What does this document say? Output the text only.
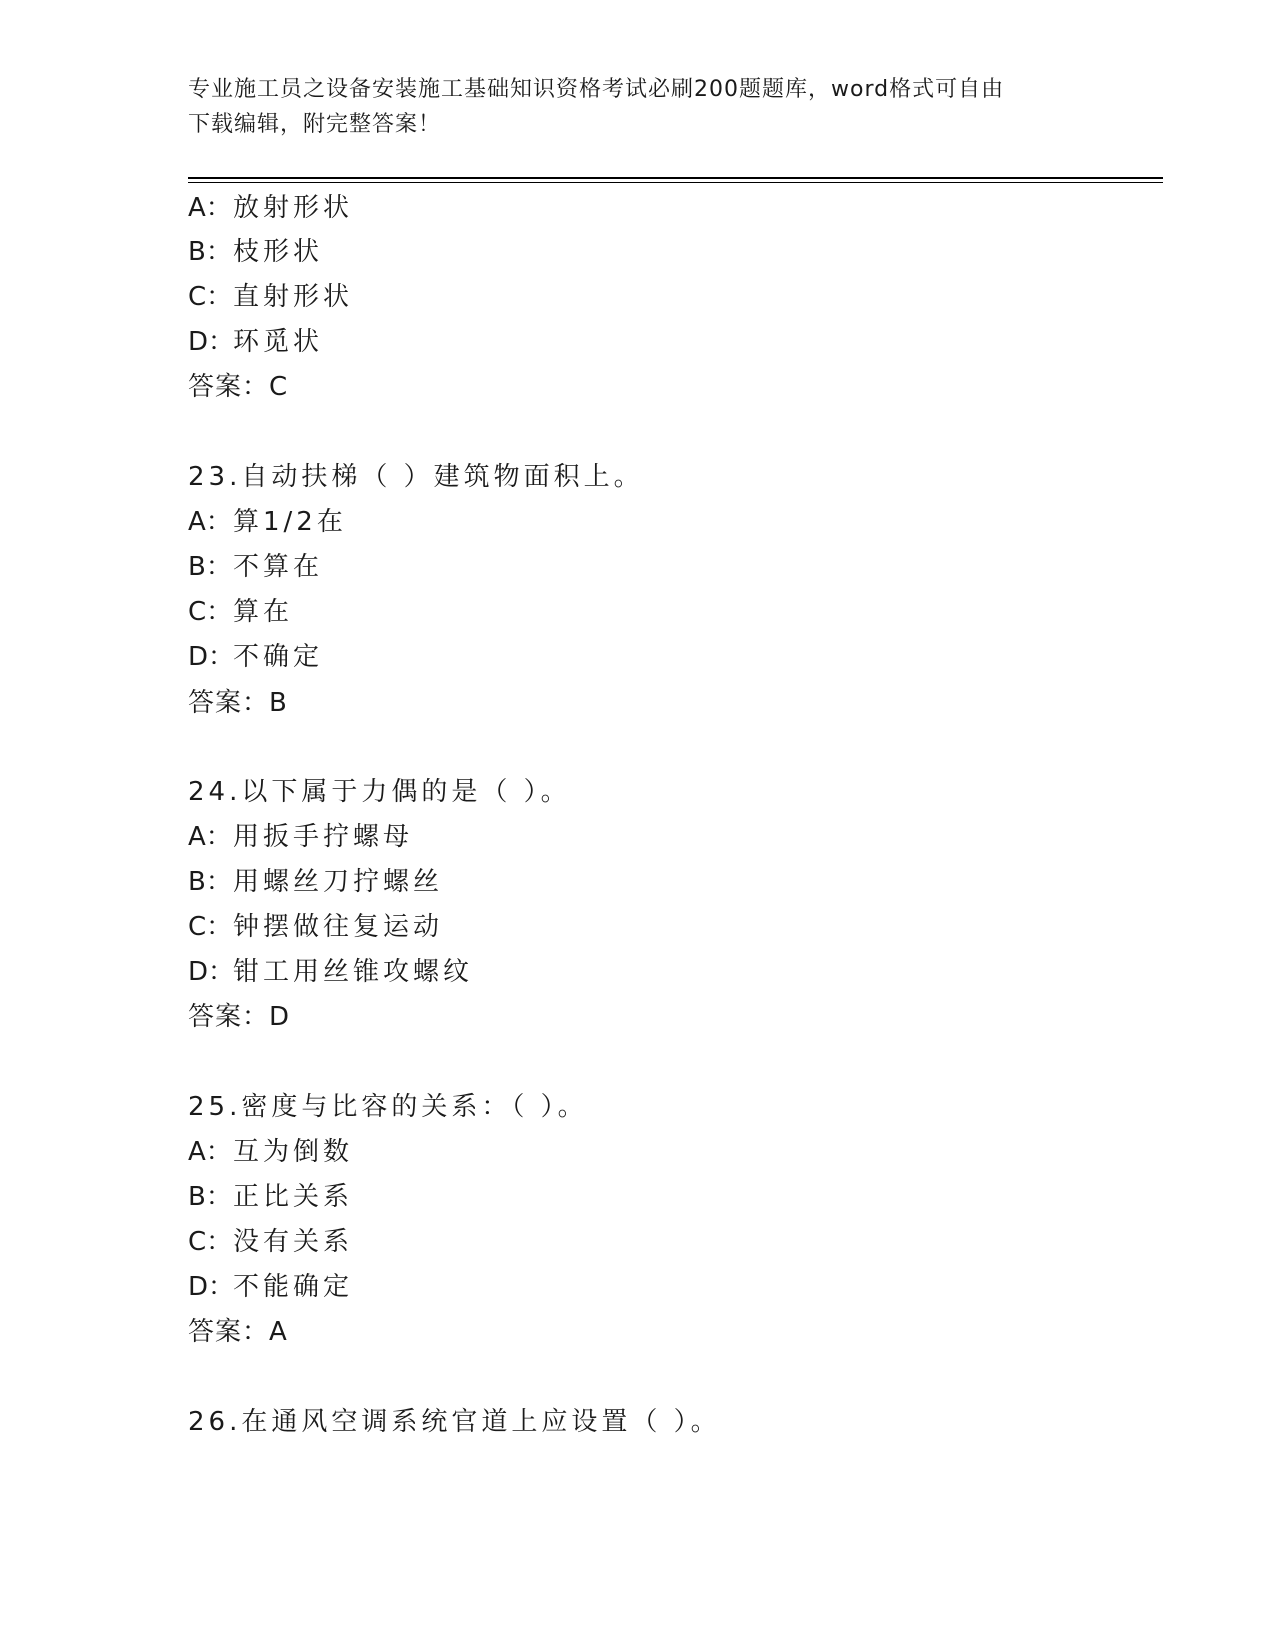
专业施工员之设备安装施工基础知识资格考试必刷200题题库，word格式可自由
下载编辑，附完整答案！
A：放射形状
B：枝形状
C：直射形状
D：环觅状
答案：C
23.自动扶梯（ ）建筑物面积上。
A：算1/2在
B：不算在
C：算在
D：不确定
答案：B
24.以下属于力偶的是（ ）。
A：用扳手拧螺母
B：用螺丝刀拧螺丝
C：钟摆做往复运动
D：钳工用丝锥攻螺纹
答案：D
25.密度与比容的关系：（ ）。
A：互为倒数
B：正比关系
C：没有关系
D：不能确定
答案：A
26.在通风空调系统官道上应设置（ ）。
